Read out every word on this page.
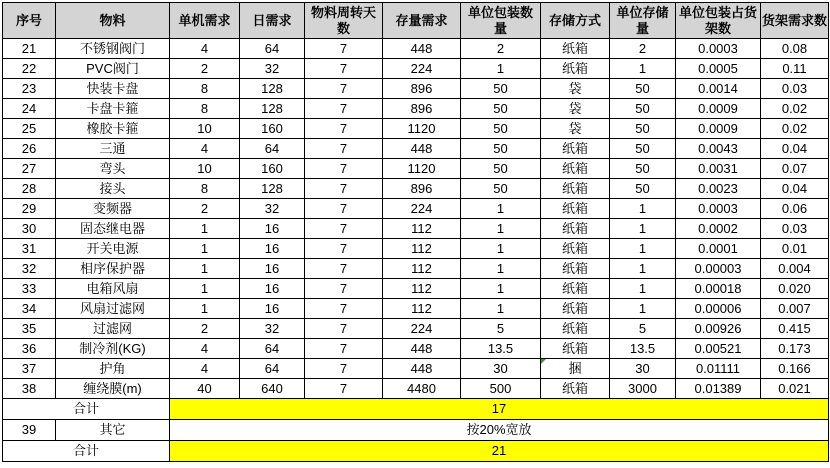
序号	物料	单机需求	日需求	物料周转天数	存量需求	单位包装数量	存储方式	单位存储量	单位包装占货架数	货架需求数
21	不锈钢阀门	4	64	7	448	2	纸箱	2	0.0003	0.08
22	PVC阀门	2	32	7	224	1	纸箱	1	0.0005	0.11
23	快装卡盘	8	128	7	896	50	袋	50	0.0014	0.03
24	卡盘卡箍	8	128	7	896	50	袋	50	0.0009	0.02
25	橡胶卡箍	10	160	7	1120	50	袋	50	0.0009	0.02
26	三通	4	64	7	448	50	纸箱	50	0.0043	0.04
27	弯头	10	160	7	1120	50	纸箱	50	0.0031	0.07
28	接头	8	128	7	896	50	纸箱	50	0.0023	0.04
29	变频器	2	32	7	224	1	纸箱	1	0.0003	0.06
30	固态继电器	1	16	7	112	1	纸箱	1	0.0002	0.03
31	开关电源	1	16	7	112	1	纸箱	1	0.0001	0.01
32	相序保护器	1	16	7	112	1	纸箱	1	0.00003	0.004
33	电箱风扇	1	16	7	112	1	纸箱	1	0.00018	0.020
34	风扇过滤网	1	16	7	112	1	纸箱	1	0.00006	0.007
35	过滤网	2	32	7	224	5	纸箱	5	0.00926	0.415
36	制冷剂(KG)	4	64	7	448	13.5	纸箱	13.5	0.00521	0.173
37	护角	4	64	7	448	30	捆	30	0.01111	0.166
38	缠绕膜(m)	40	640	7	4480	500	纸箱	3000	0.01389	0.021
合计		17								
39	其它	按20%宽放								
合计		21								
